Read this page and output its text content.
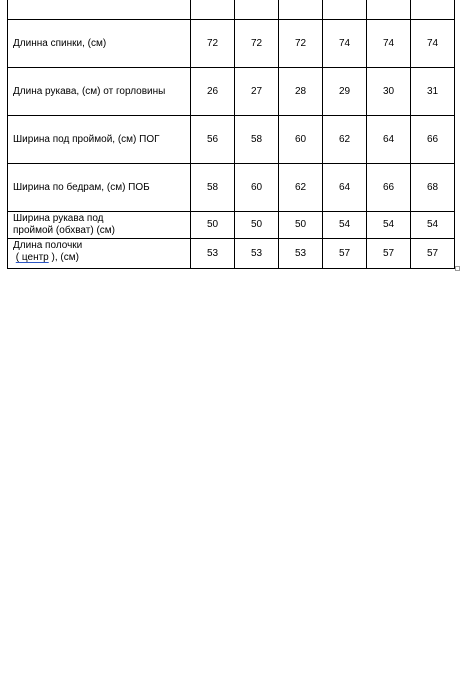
Длинна спинки, (см)	72	72	72	74	74	74
Длина рукава, (см) от горловины	26	27	28	29	30	31
Ширина под проймой, (см) ПОГ	56	58	60	62	64	66
Ширина по бедрам, (см) ПОБ	58	60	62	64	66	68

Ширина рукава под
проймой (обхват) (см)	50	50	50	54	54	54

Длина полочки
( центр ), (см)	53	53	53	57	57	57
